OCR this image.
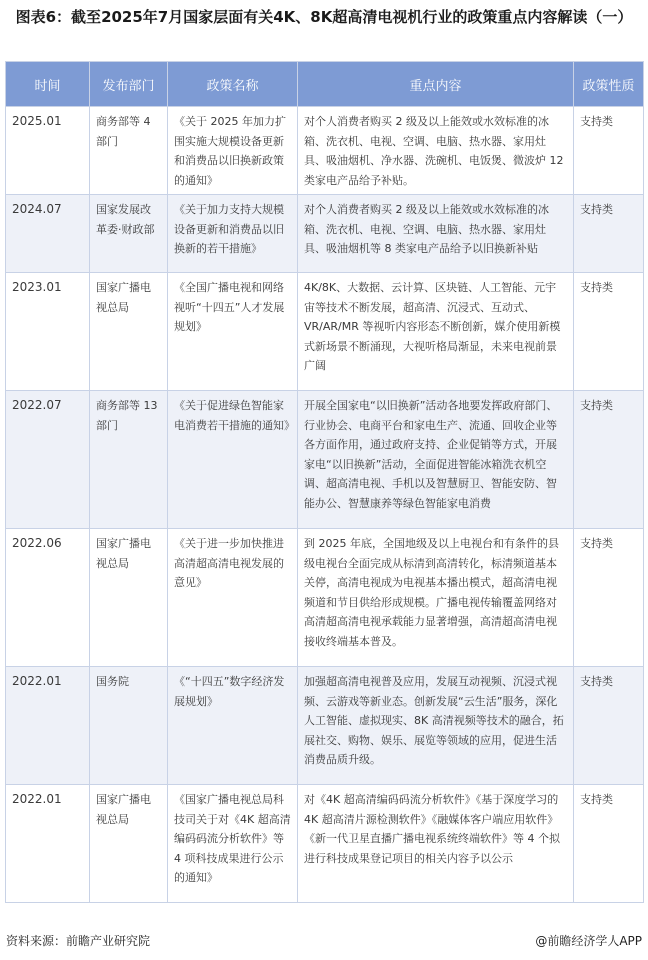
图表6：截至2025年7月国家层面有关4K、8K超高清电视机行业的政策重点内容解读（一）
时间	发布部门	政策名称	重点内容	政策性质
2025.01	商务部等 4 部门	《关于 2025 年加力扩围实施大规模设备更新和消费品以旧换新政策的通知》	对个人消费者购买 2 级及以上能效或水效标准的冰箱、洗衣机、电视、空调、电脑、热水器、家用灶具、吸油烟机、净水器、洗碗机、电饭煲、微波炉 12 类家电产品给予补贴。	支持类
2024.07	国家发展改革委·财政部	《关于加力支持大规模设备更新和消费品以旧换新的若干措施》	对个人消费者购买 2 级及以上能效或水效标准的冰箱、洗衣机、电视、空调、电脑、热水器、家用灶具、吸油烟机等 8 类家电产品给予以旧换新补贴	支持类
2023.01	国家广播电视总局	《全国广播电视和网络视听“十四五”人才发展规划》	4K/8K、大数据、云计算、区块链、人工智能、元宇宙等技术不断发展，超高清、沉浸式、互动式、VR/AR/MR 等视听内容形态不断创新，媒介使用新模式新场景不断涌现，大视听格局渐显，未来电视前景广阔	支持类
2022.07	商务部等 13 部门	《关于促进绿色智能家电消费若干措施的通知》	开展全国家电“以旧换新”活动各地要发挥政府部门、行业协会、电商平台和家电生产、流通、回收企业等各方面作用，通过政府支持、企业促销等方式，开展家电“以旧换新”活动，全面促进智能冰箱洗衣机空调、超高清电视、手机以及智慧厨卫、智能安防、智能办公、智慧康养等绿色智能家电消费	支持类
2022.06	国家广播电视总局	《关于进一步加快推进高清超高清电视发展的意见》	到 2025 年底，全国地级及以上电视台和有条件的县级电视台全面完成从标清到高清转化，标清频道基本关停，高清电视成为电视基本播出模式，超高清电视频道和节目供给形成规模。广播电视传输覆盖网络对高清超高清电视承载能力显著增强，高清超高清电视接收终端基本普及。	支持类
2022.01	国务院	《“十四五”数字经济发展规划》	加强超高清电视普及应用，发展互动视频、沉浸式视频、云游戏等新业态。创新发展“云生活”服务，深化人工智能、虚拟现实、8K 高清视频等技术的融合，拓展社交、购物、娱乐、展览等领域的应用，促进生活消费品质升级。	支持类
2022.01	国家广播电视总局	《国家广播电视总局科技司关于对《4K 超高清编码码流分析软件》等 4 项科技成果进行公示的通知》	对《4K 超高清编码码流分析软件》《基于深度学习的 4K 超高清片源检测软件》《融媒体客户端应用软件》《新一代卫星直播广播电视系统终端软件》等 4 个拟进行科技成果登记项目的相关内容予以公示	支持类
资料来源：前瞻产业研究院	@前瞻经济学人APP
